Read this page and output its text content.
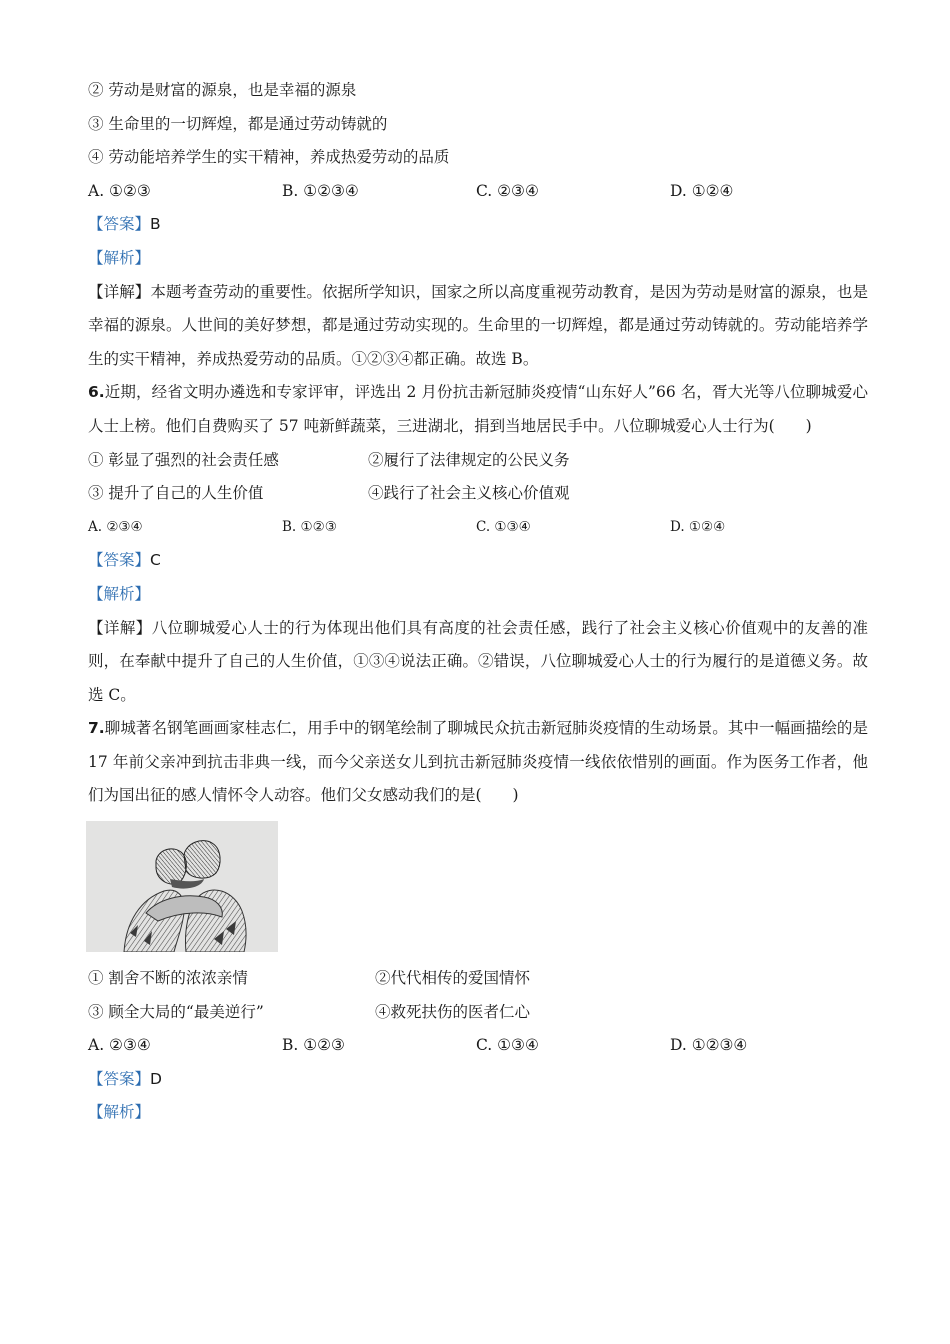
② 劳动是财富的源泉，也是幸福的源泉
③ 生命里的一切辉煌，都是通过劳动铸就的
④ 劳动能培养学生的实干精神，养成热爱劳动的品质
A. ①②③	B. ①②③④	C. ②③④	D. ①②④
【答案】B
【解析】
【详解】本题考查劳动的重要性。依据所学知识，国家之所以高度重视劳动教育，是因为劳动是财富的源泉，也是幸福的源泉。人世间的美好梦想，都是通过劳动实现的。生命里的一切辉煌，都是通过劳动铸就的。劳动能培养学生的实干精神，养成热爱劳动的品质。①②③④都正确。故选 B。
6.近期，经省文明办遴选和专家评审，评选出 2 月份抗击新冠肺炎疫情“山东好人”66 名，胥大光等八位聊城爱心人士上榜。他们自费购买了 57 吨新鲜蔬菜，三进湖北，捐到当地居民手中。八位聊城爱心人士行为(　　)
① 彰显了强烈的社会责任感	②履行了法律规定的公民义务
③ 提升了自己的人生价值	④践行了社会主义核心价值观
A. ②③④	B. ①②③	C. ①③④	D. ①②④
【答案】C
【解析】
【详解】八位聊城爱心人士的行为体现出他们具有高度的社会责任感，践行了社会主义核心价值观中的友善的准则，在奉献中提升了自己的人生价值，①③④说法正确。②错误，八位聊城爱心人士的行为履行的是道德义务。故选 C。
7.聊城著名钢笔画画家桂志仁，用手中的钢笔绘制了聊城民众抗击新冠肺炎疫情的生动场景。其中一幅画描绘的是 17 年前父亲冲到抗击非典一线，而今父亲送女儿到抗击新冠肺炎疫情一线依依惜别的画面。作为医务工作者，他们为国出征的感人情怀令人动容。他们父女感动我们的是(　　)
① 割舍不断的浓浓亲情	②代代相传的爱国情怀
③ 顾全大局的“最美逆行”	④救死扶伤的医者仁心
A. ②③④	B. ①②③	C. ①③④	D. ①②③④
【答案】D
【解析】
